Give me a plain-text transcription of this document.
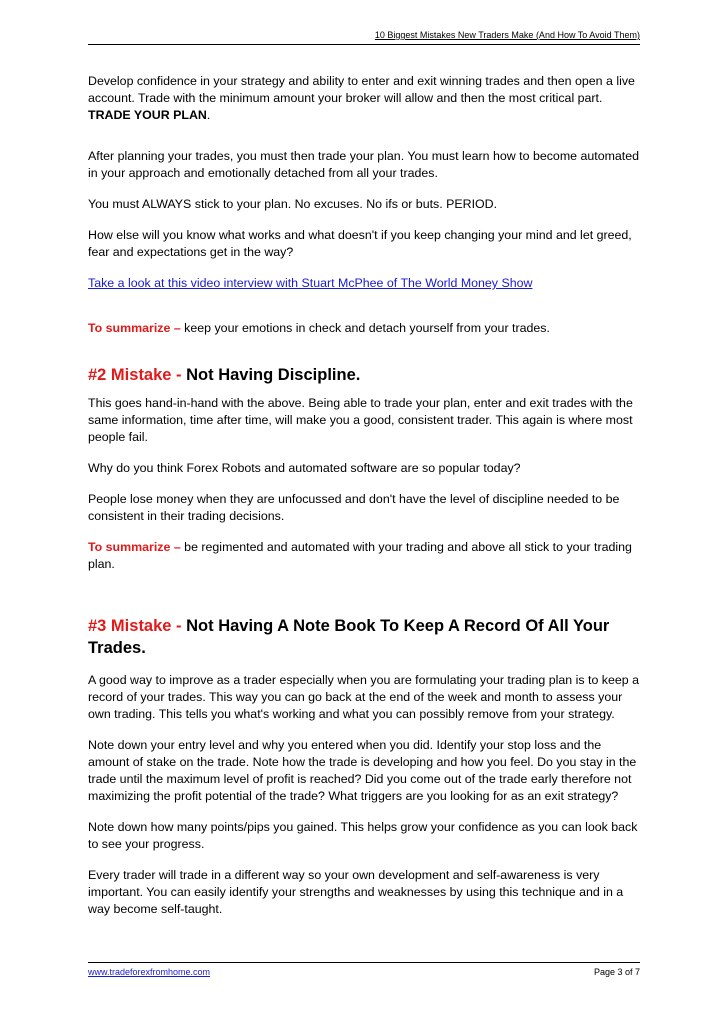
10 Biggest Mistakes New Traders Make (And How To Avoid Them)

Develop confidence in your strategy and ability to enter and exit winning trades and then open a live account. Trade with the minimum amount your broker will allow and then the most critical part. TRADE YOUR PLAN.

After planning your trades, you must then trade your plan. You must learn how to become automated in your approach and emotionally detached from all your trades.

You must ALWAYS stick to your plan. No excuses. No ifs or buts. PERIOD.

How else will you know what works and what doesn't if you keep changing your mind and let greed, fear and expectations get in the way?

Take a look at this video interview with Stuart McPhee of The World Money Show

To summarize – keep your emotions in check and detach yourself from your trades.

#2 Mistake - Not Having Discipline.

This goes hand-in-hand with the above. Being able to trade your plan, enter and exit trades with the same information, time after time, will make you a good, consistent trader. This again is where most people fail.

Why do you think Forex Robots and automated software are so popular today?

People lose money when they are unfocussed and don't have the level of discipline needed to be consistent in their trading decisions.

To summarize – be regimented and automated with your trading and above all stick to your trading plan.

#3 Mistake - Not Having A Note Book To Keep A Record Of All Your Trades.

A good way to improve as a trader especially when you are formulating your trading plan is to keep a record of your trades. This way you can go back at the end of the week and month to assess your own trading. This tells you what's working and what you can possibly remove from your strategy.

Note down your entry level and why you entered when you did. Identify your stop loss and the amount of stake on the trade. Note how the trade is developing and how you feel. Do you stay in the trade until the maximum level of profit is reached? Did you come out of the trade early therefore not maximizing the profit potential of the trade? What triggers are you looking for as an exit strategy?

Note down how many points/pips you gained. This helps grow your confidence as you can look back to see your progress.

Every trader will trade in a different way so your own development and self-awareness is very important. You can easily identify your strengths and weaknesses by using this technique and in a way become self-taught.

www.tradeforexfromhome.com	Page 3 of 7
